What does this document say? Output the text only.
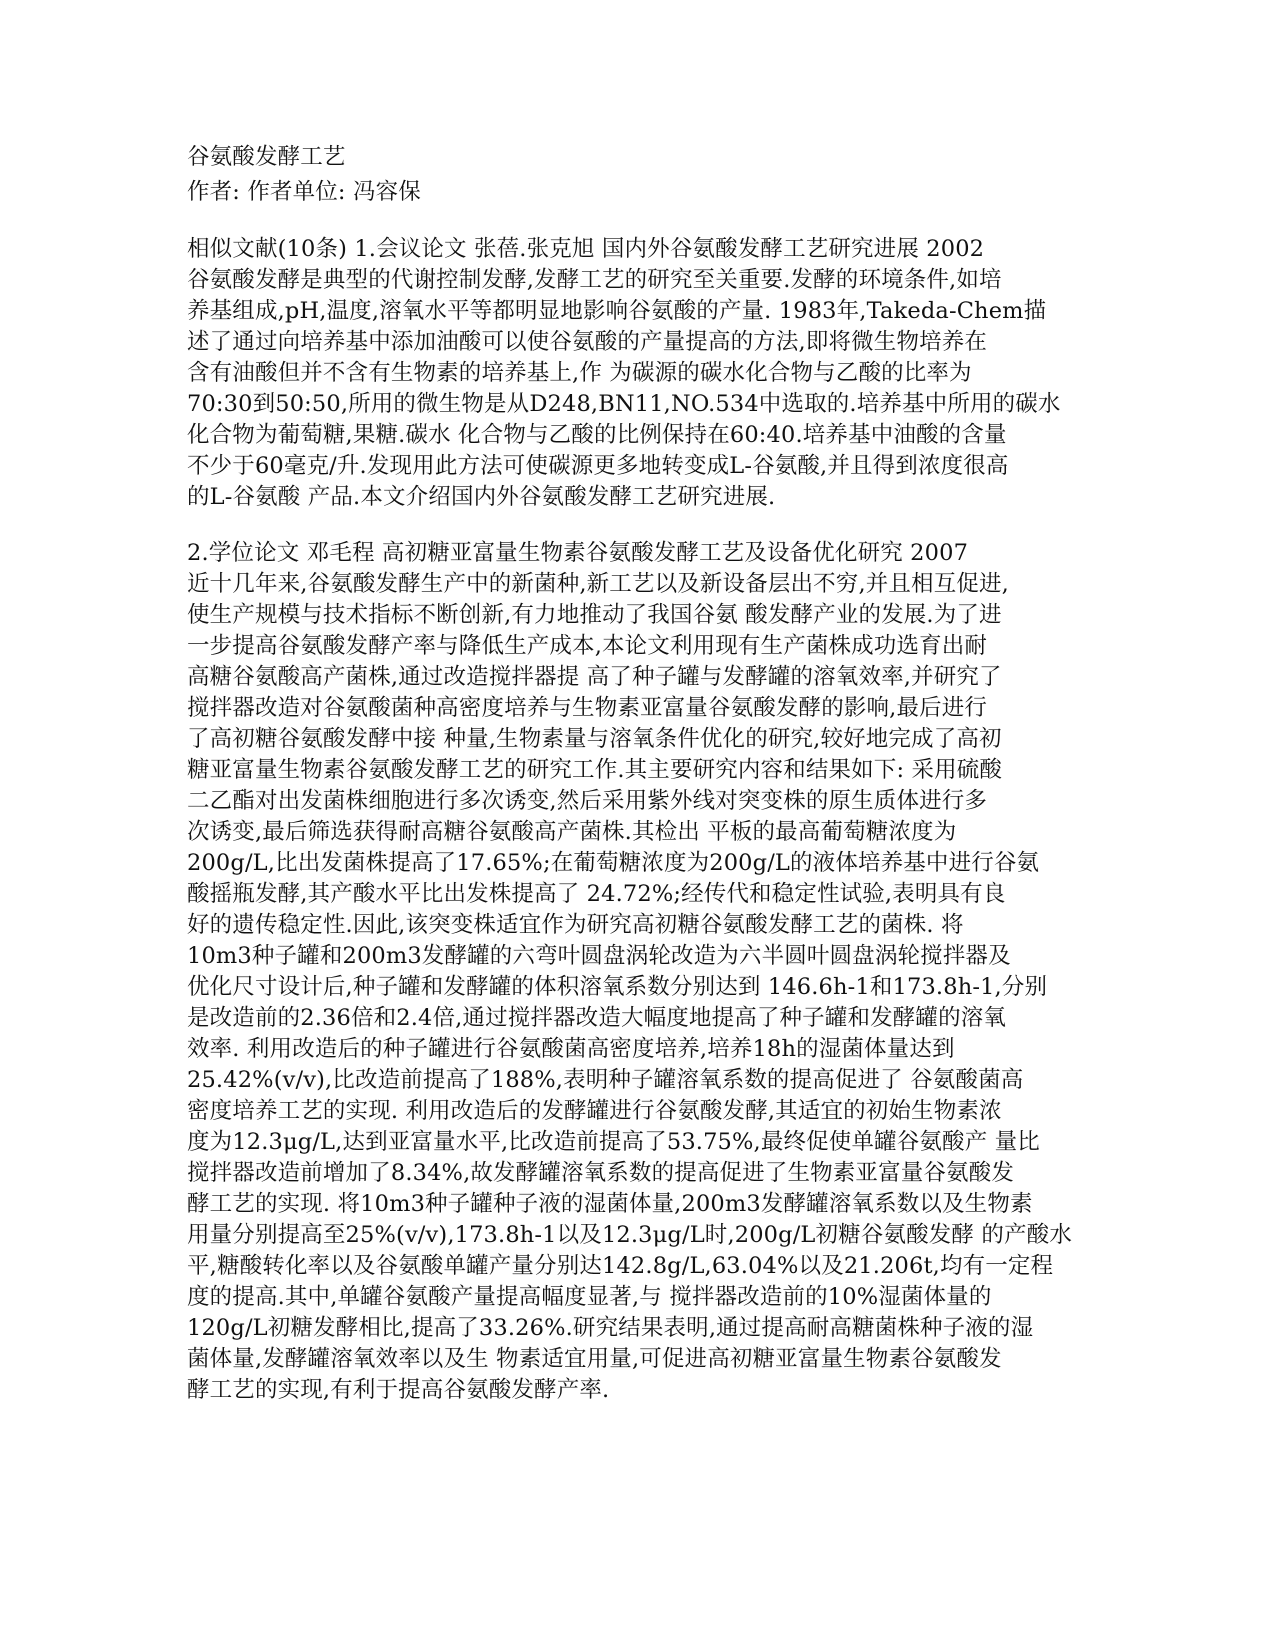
谷氨酸发酵工艺
作者: 作者单位: 冯容保
相似文献(10条) 1.会议论文 张蓓.张克旭 国内外谷氨酸发酵工艺研究进展 2002
谷氨酸发酵是典型的代谢控制发酵,发酵工艺的研究至关重要.发酵的环境条件,如培
养基组成,pH,温度,溶氧水平等都明显地影响谷氨酸的产量. 1983年,Takeda-Chem描
述了通过向培养基中添加油酸可以使谷氨酸的产量提高的方法,即将微生物培养在
含有油酸但并不含有生物素的培养基上,作 为碳源的碳水化合物与乙酸的比率为
70:30到50:50,所用的微生物是从D248,BN11,NO.534中选取的.培养基中所用的碳水
化合物为葡萄糖,果糖.碳水 化合物与乙酸的比例保持在60:40.培养基中油酸的含量
不少于60毫克/升.发现用此方法可使碳源更多地转变成L-谷氨酸,并且得到浓度很高
的L-谷氨酸 产品.本文介绍国内外谷氨酸发酵工艺研究进展.
2.学位论文 邓毛程 高初糖亚富量生物素谷氨酸发酵工艺及设备优化研究 2007
近十几年来,谷氨酸发酵生产中的新菌种,新工艺以及新设备层出不穷,并且相互促进,
使生产规模与技术指标不断创新,有力地推动了我国谷氨 酸发酵产业的发展.为了进
一步提高谷氨酸发酵产率与降低生产成本,本论文利用现有生产菌株成功选育出耐
高糖谷氨酸高产菌株,通过改造搅拌器提 高了种子罐与发酵罐的溶氧效率,并研究了
搅拌器改造对谷氨酸菌种高密度培养与生物素亚富量谷氨酸发酵的影响,最后进行
了高初糖谷氨酸发酵中接 种量,生物素量与溶氧条件优化的研究,较好地完成了高初
糖亚富量生物素谷氨酸发酵工艺的研究工作.其主要研究内容和结果如下: 采用硫酸
二乙酯对出发菌株细胞进行多次诱变,然后采用紫外线对突变株的原生质体进行多
次诱变,最后筛选获得耐高糖谷氨酸高产菌株.其检出 平板的最高葡萄糖浓度为
200g/L,比出发菌株提高了17.65%;在葡萄糖浓度为200g/L的液体培养基中进行谷氨
酸摇瓶发酵,其产酸水平比出发株提高了 24.72%;经传代和稳定性试验,表明具有良
好的遗传稳定性.因此,该突变株适宜作为研究高初糖谷氨酸发酵工艺的菌株. 将
10m3种子罐和200m3发酵罐的六弯叶圆盘涡轮改造为六半圆叶圆盘涡轮搅拌器及
优化尺寸设计后,种子罐和发酵罐的体积溶氧系数分别达到 146.6h-1和173.8h-1,分别
是改造前的2.36倍和2.4倍,通过搅拌器改造大幅度地提高了种子罐和发酵罐的溶氧
效率. 利用改造后的种子罐进行谷氨酸菌高密度培养,培养18h的湿菌体量达到
25.42%(v/v),比改造前提高了188%,表明种子罐溶氧系数的提高促进了 谷氨酸菌高
密度培养工艺的实现. 利用改造后的发酵罐进行谷氨酸发酵,其适宜的初始生物素浓
度为12.3μg/L,达到亚富量水平,比改造前提高了53.75%,最终促使单罐谷氨酸产 量比
搅拌器改造前增加了8.34%,故发酵罐溶氧系数的提高促进了生物素亚富量谷氨酸发
酵工艺的实现. 将10m3种子罐种子液的湿菌体量,200m3发酵罐溶氧系数以及生物素
用量分别提高至25%(v/v),173.8h-1以及12.3μg/L时,200g/L初糖谷氨酸发酵 的产酸水
平,糖酸转化率以及谷氨酸单罐产量分别达142.8g/L,63.04%以及21.206t,均有一定程
度的提高.其中,单罐谷氨酸产量提高幅度显著,与 搅拌器改造前的10%湿菌体量的
120g/L初糖发酵相比,提高了33.26%.研究结果表明,通过提高耐高糖菌株种子液的湿
菌体量,发酵罐溶氧效率以及生 物素适宜用量,可促进高初糖亚富量生物素谷氨酸发
酵工艺的实现,有利于提高谷氨酸发酵产率.
